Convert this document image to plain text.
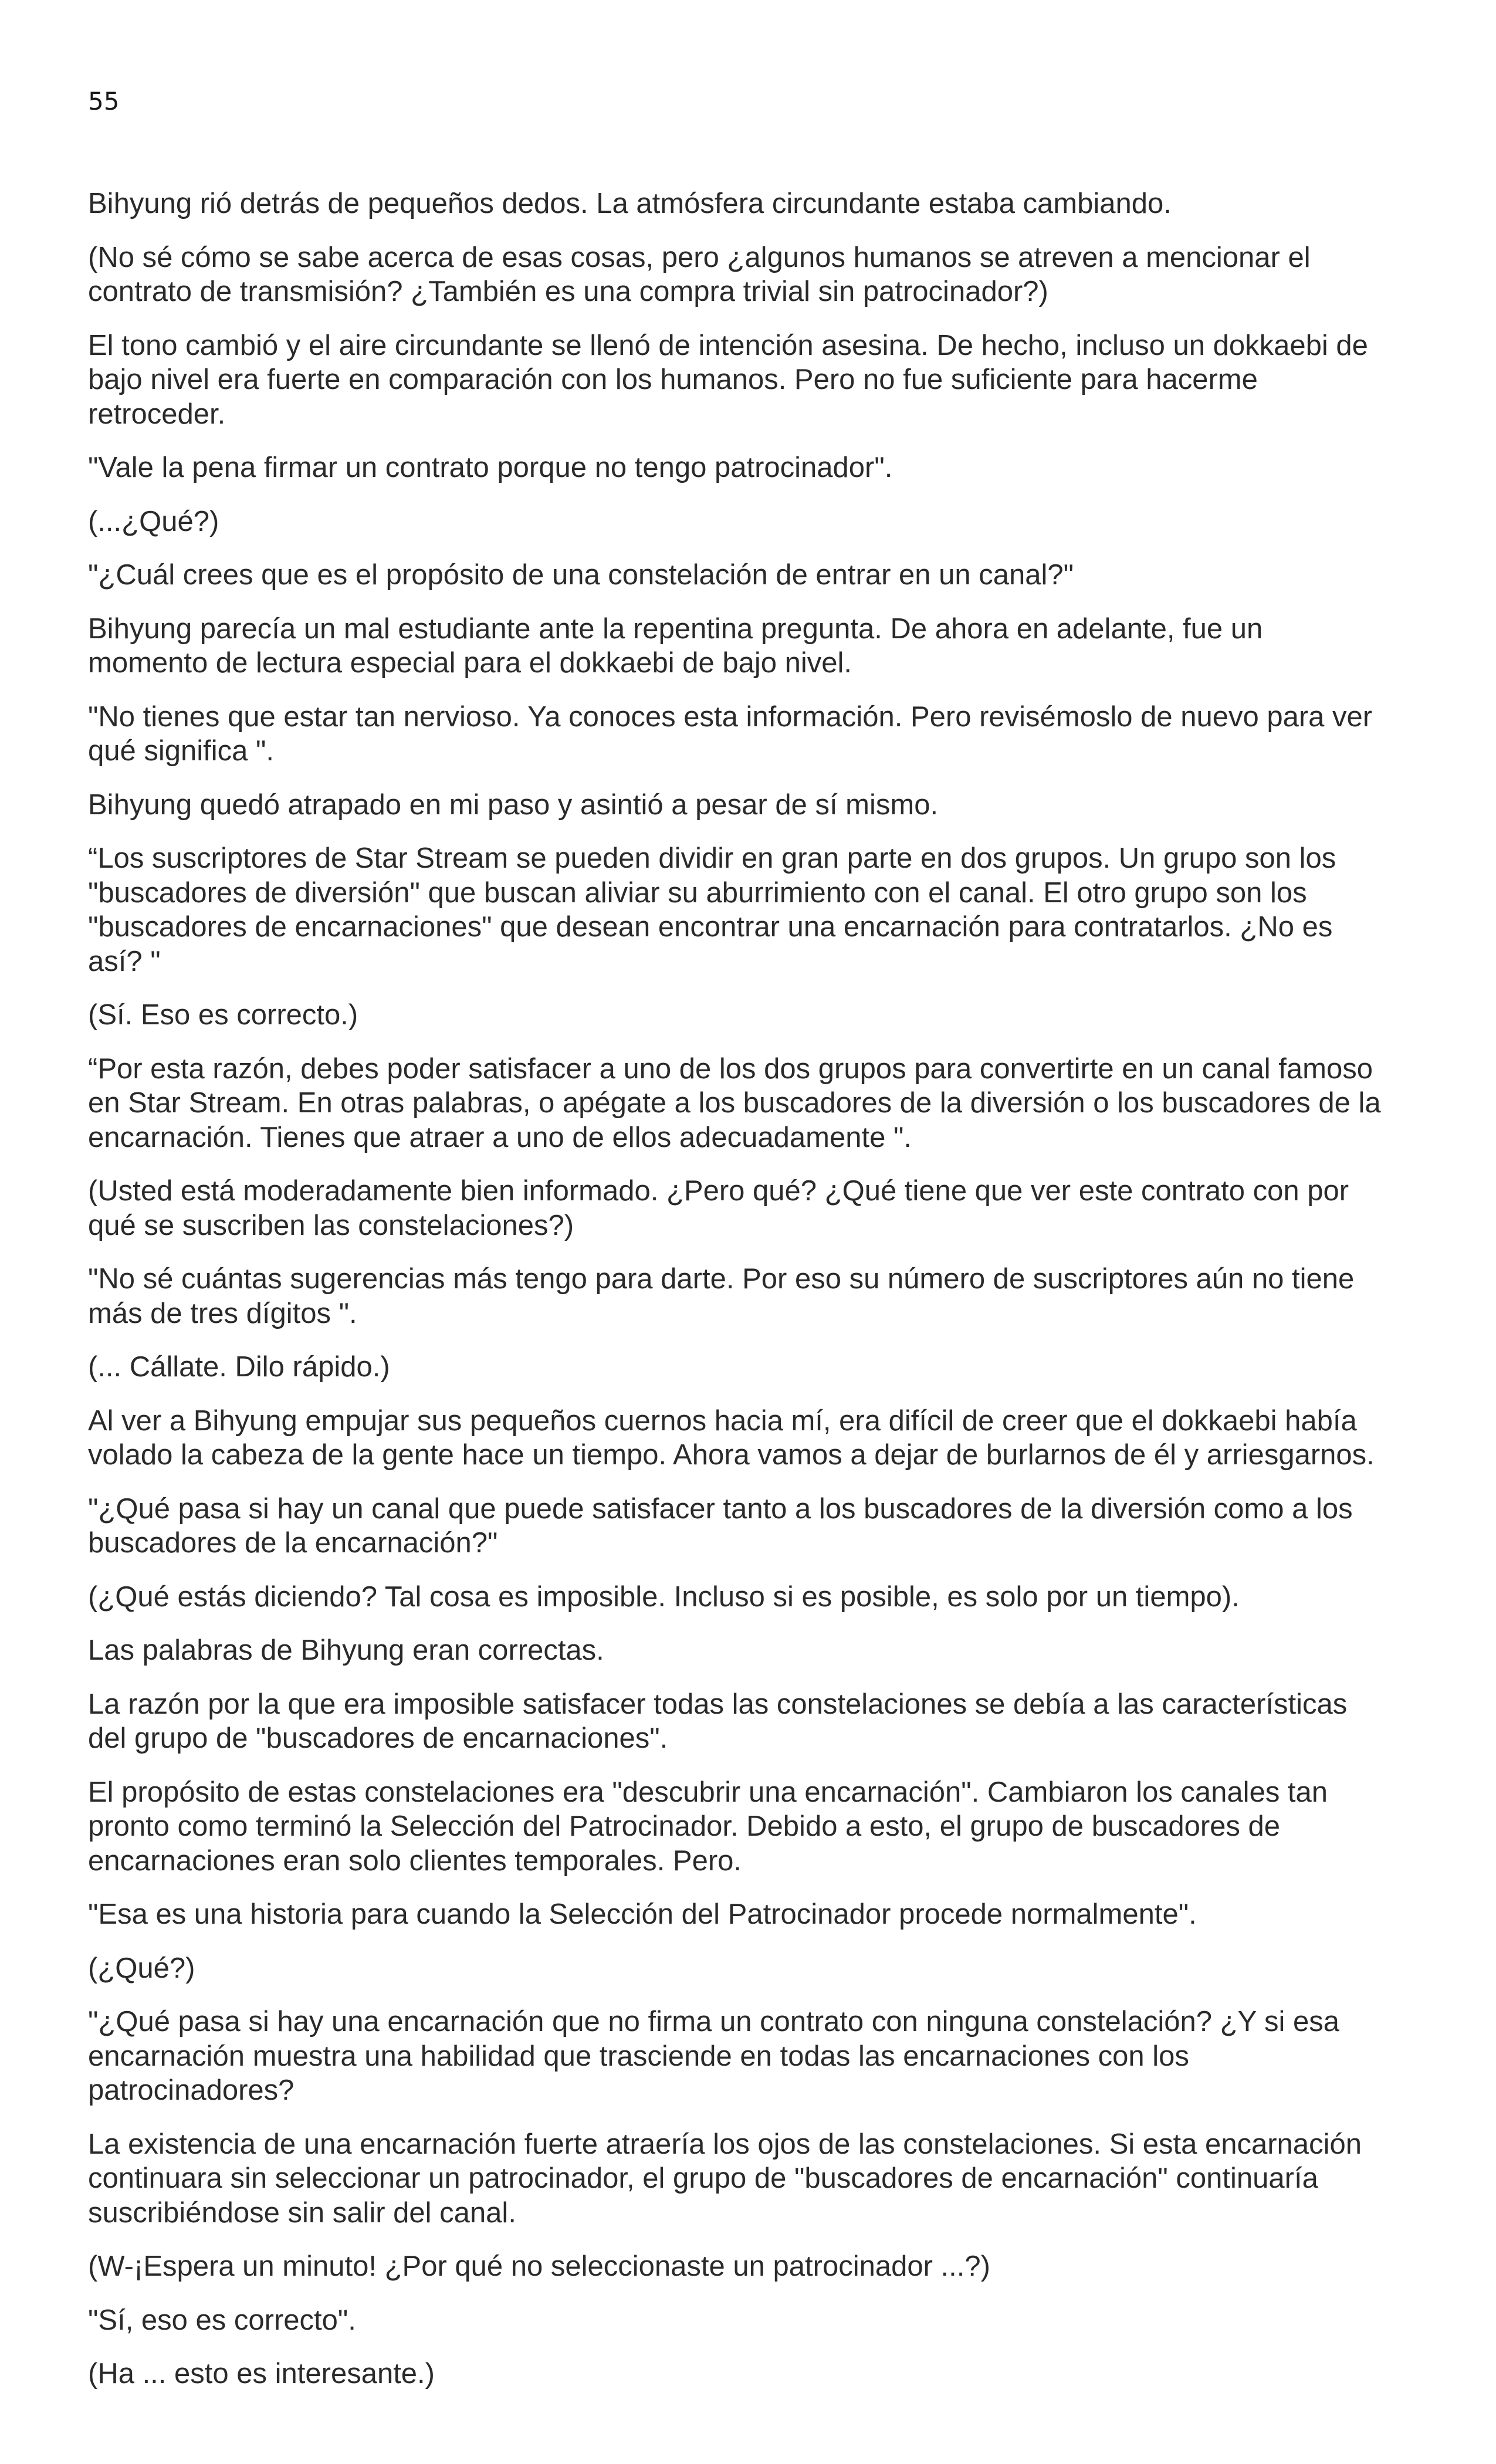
55

Bihyung rió detrás de pequeños dedos. La atmósfera circundante estaba cambiando.

(No sé cómo se sabe acerca de esas cosas, pero ¿algunos humanos se atreven a mencionar el
contrato de transmisión? ¿También es una compra trivial sin patrocinador?)

El tono cambió y el aire circundante se llenó de intención asesina. De hecho, incluso un dokkaebi de
bajo nivel era fuerte en comparación con los humanos. Pero no fue suficiente para hacerme
retroceder.

"Vale la pena firmar un contrato porque no tengo patrocinador".

(...¿Qué?)

"¿Cuál crees que es el propósito de una constelación de entrar en un canal?"

Bihyung parecía un mal estudiante ante la repentina pregunta. De ahora en adelante, fue un
momento de lectura especial para el dokkaebi de bajo nivel.

"No tienes que estar tan nervioso. Ya conoces esta información. Pero revisémoslo de nuevo para ver
qué significa ".

Bihyung quedó atrapado en mi paso y asintió a pesar de sí mismo.

“Los suscriptores de Star Stream se pueden dividir en gran parte en dos grupos. Un grupo son los
"buscadores de diversión" que buscan aliviar su aburrimiento con el canal. El otro grupo son los
"buscadores de encarnaciones" que desean encontrar una encarnación para contratarlos. ¿No es
así? "

(Sí. Eso es correcto.)

“Por esta razón, debes poder satisfacer a uno de los dos grupos para convertirte en un canal famoso
en Star Stream. En otras palabras, o apégate a los buscadores de la diversión o los buscadores de la
encarnación. Tienes que atraer a uno de ellos adecuadamente ".

(Usted está moderadamente bien informado. ¿Pero qué? ¿Qué tiene que ver este contrato con por
qué se suscriben las constelaciones?)

"No sé cuántas sugerencias más tengo para darte. Por eso su número de suscriptores aún no tiene
más de tres dígitos ".

(... Cállate. Dilo rápido.)

Al ver a Bihyung empujar sus pequeños cuernos hacia mí, era difícil de creer que el dokkaebi había
volado la cabeza de la gente hace un tiempo. Ahora vamos a dejar de burlarnos de él y arriesgarnos.

"¿Qué pasa si hay un canal que puede satisfacer tanto a los buscadores de la diversión como a los
buscadores de la encarnación?"

(¿Qué estás diciendo? Tal cosa es imposible. Incluso si es posible, es solo por un tiempo).

Las palabras de Bihyung eran correctas.

La razón por la que era imposible satisfacer todas las constelaciones se debía a las características
del grupo de "buscadores de encarnaciones".

El propósito de estas constelaciones era "descubrir una encarnación". Cambiaron los canales tan
pronto como terminó la Selección del Patrocinador. Debido a esto, el grupo de buscadores de
encarnaciones eran solo clientes temporales. Pero.

"Esa es una historia para cuando la Selección del Patrocinador procede normalmente".

(¿Qué?)

"¿Qué pasa si hay una encarnación que no firma un contrato con ninguna constelación? ¿Y si esa
encarnación muestra una habilidad que trasciende en todas las encarnaciones con los
patrocinadores?

La existencia de una encarnación fuerte atraería los ojos de las constelaciones. Si esta encarnación
continuara sin seleccionar un patrocinador, el grupo de "buscadores de encarnación" continuaría
suscribiéndose sin salir del canal.

(W-¡Espera un minuto! ¿Por qué no seleccionaste un patrocinador ...?)

"Sí, eso es correcto".

(Ha ... esto es interesante.)
